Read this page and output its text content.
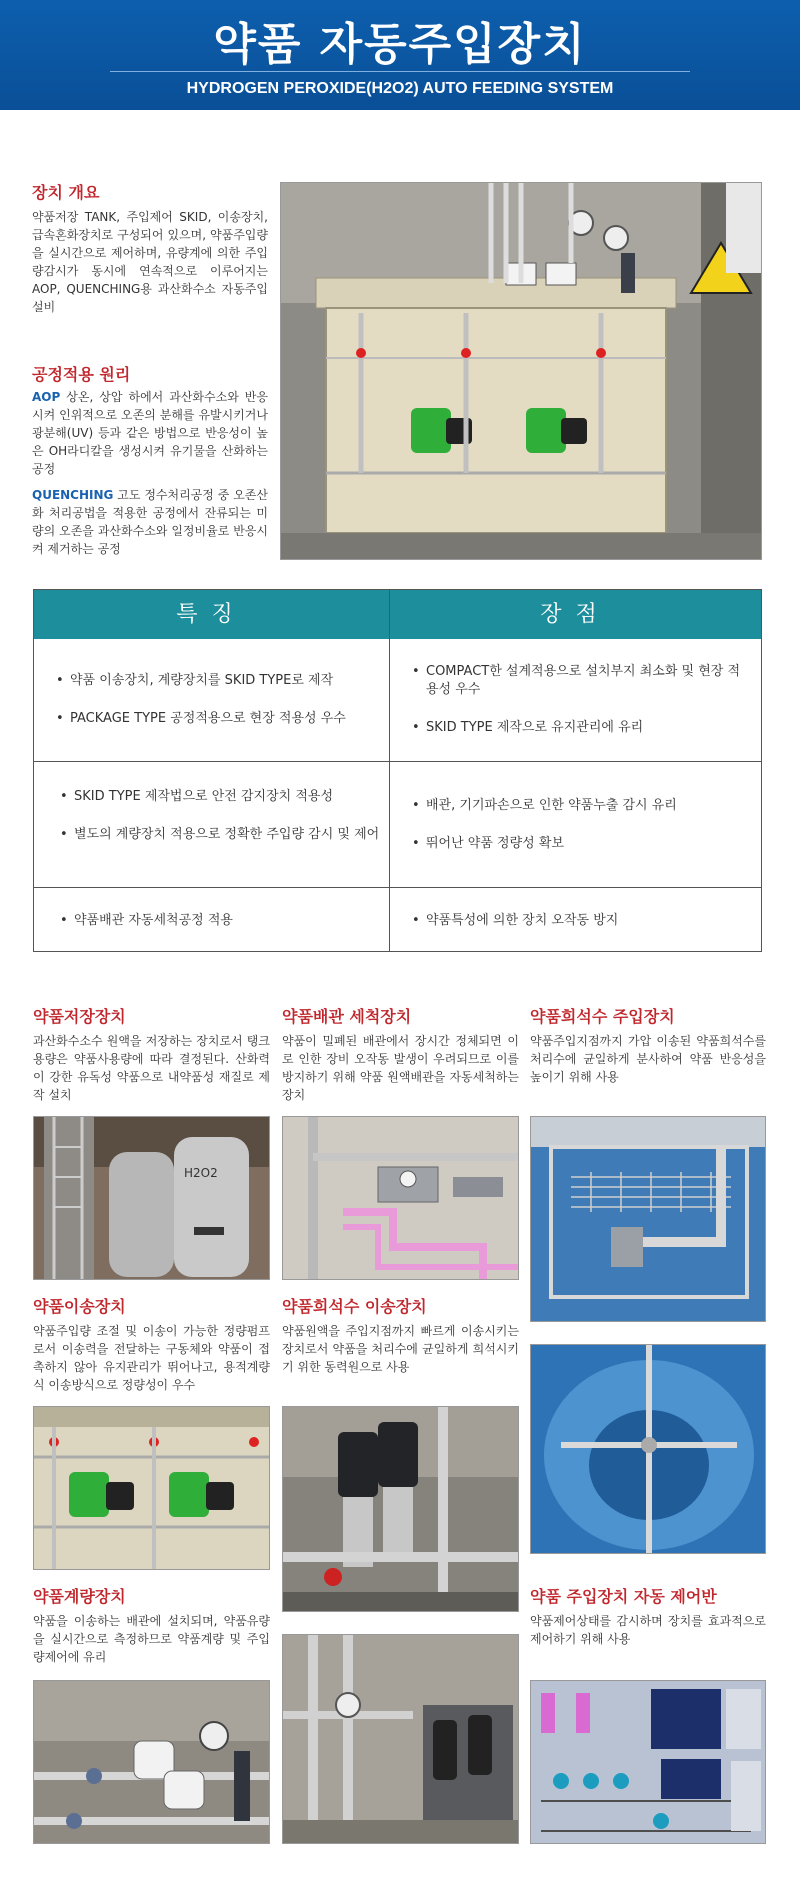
약품 자동주입장치
HYDROGEN PEROXIDE(H2O2) AUTO FEEDING SYSTEM
장치 개요
약품저장 TANK, 주입제어 SKID, 이송장치, 급속혼화장치로 구성되어 있으며, 약품주입량을 실시간으로 제어하며, 유량계에 의한 주입량감시가 동시에 연속적으로 이루어지는 AOP, QUENCHING용 과산화수소 자동주입설비
공정적용 원리
AOP 상온, 상압 하에서 과산화수소와 반응시켜 인위적으로 오존의 분해를 유발시키거나 광분해(UV) 등과 같은 방법으로 반응성이 높은 OH라디칼을 생성시켜 유기물을 산화하는 공정
QUENCHING 고도 정수처리공정 중 오존산화 처리공법을 적용한 공정에서 잔류되는 미량의 오존을 과산화수소와 일정비율로 반응시켜 제거하는 공정
특징	장점
• 약품 이송장치, 계량장치를 SKID TYPE로 제작
• PACKAGE TYPE 공정적용으로 현장 적용성 우수
• COMPACT한 설계적용으로 설치부지 최소화 및 현장 적용성 우수
• SKID TYPE 제작으로 유지관리에 유리
• SKID TYPE 제작법으로 안전 감지장치 적용성
• 별도의 계량장치 적용으로 정확한 주입량 감시 및 제어
• 배관, 기기파손으로 인한 약품누출 감시 유리
• 뛰어난 약품 정량성 확보
• 약품배관 자동세척공정 적용
•	약품특성에 의한 장치 오작동 방지
약품저장장치
과산화수소수 원액을 저장하는 장치로서 탱크용량은 약품사용량에 따라 결정된다. 산화력이 강한 유독성 약품으로 내약품성 재질로 제작 설치
H2O2
약품이송장치
약품주입량 조절 및 이송이 가능한 정량펌프로서 이송력을 전달하는 구동체와 약품이 접촉하지 않아 유지관리가 뛰어나고, 용적계량식 이송방식으로 정량성이 우수
약품계량장치
약품을 이송하는 배관에 설치되며, 약품유량을 실시간으로 측정하므로 약품계량 및 주입량제어에 유리
약품배관 세척장치
약품이 밀폐된 배관에서 장시간 정체되면 이로 인한 장비 오작동 발생이 우려되므로 이를 방지하기 위해 약품 원액배관을 자동세척하는 장치
약품희석수 이송장치
약품원액을 주입지점까지 빠르게 이송시키는 장치로서 약품을 처리수에 균일하게 희석시키기 위한 동력원으로 사용
약품희석수 주입장치
약품주입지점까지 가압 이송된 약품희석수를 처리수에 균일하게 분사하여 약품 반응성을 높이기 위해 사용
약품 주입장치 자동 제어반
약품제어상태를 감시하며 장치를 효과적으로 제어하기 위해 사용
